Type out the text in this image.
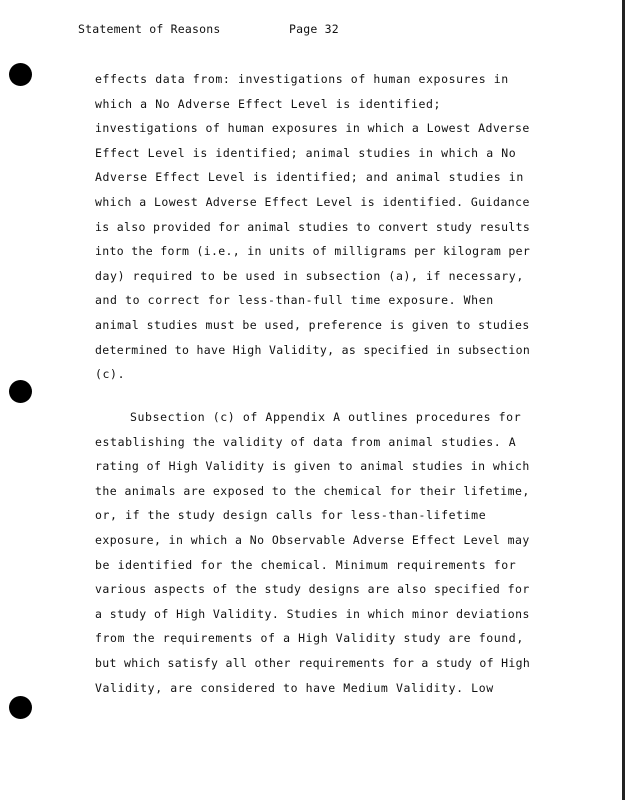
Statement of Reasons	Page 32
effects data from: investigations of human exposures in
which a No Adverse Effect Level is identified;
investigations of human exposures in which a Lowest Adverse
Effect Level is identified; animal studies in which a No
Adverse Effect Level is identified; and animal studies in
which a Lowest Adverse Effect Level is identified. Guidance
is also provided for animal studies to convert study results
into the form (i.e., in units of milligrams per kilogram per
day) required to be used in subsection (a), if necessary,
and to correct for less-than-full time exposure. When
animal studies must be used, preference is given to studies
determined to have High Validity, as specified in subsection
(c).
Subsection (c) of Appendix A outlines procedures for
establishing the validity of data from animal studies. A
rating of High Validity is given to animal studies in which
the animals are exposed to the chemical for their lifetime,
or, if the study design calls for less-than-lifetime
exposure, in which a No Observable Adverse Effect Level may
be identified for the chemical. Minimum requirements for
various aspects of the study designs are also specified for
a study of High Validity. Studies in which minor deviations
from the requirements of a High Validity study are found,
but which satisfy all other requirements for a study of High
Validity, are considered to have Medium Validity. Low
